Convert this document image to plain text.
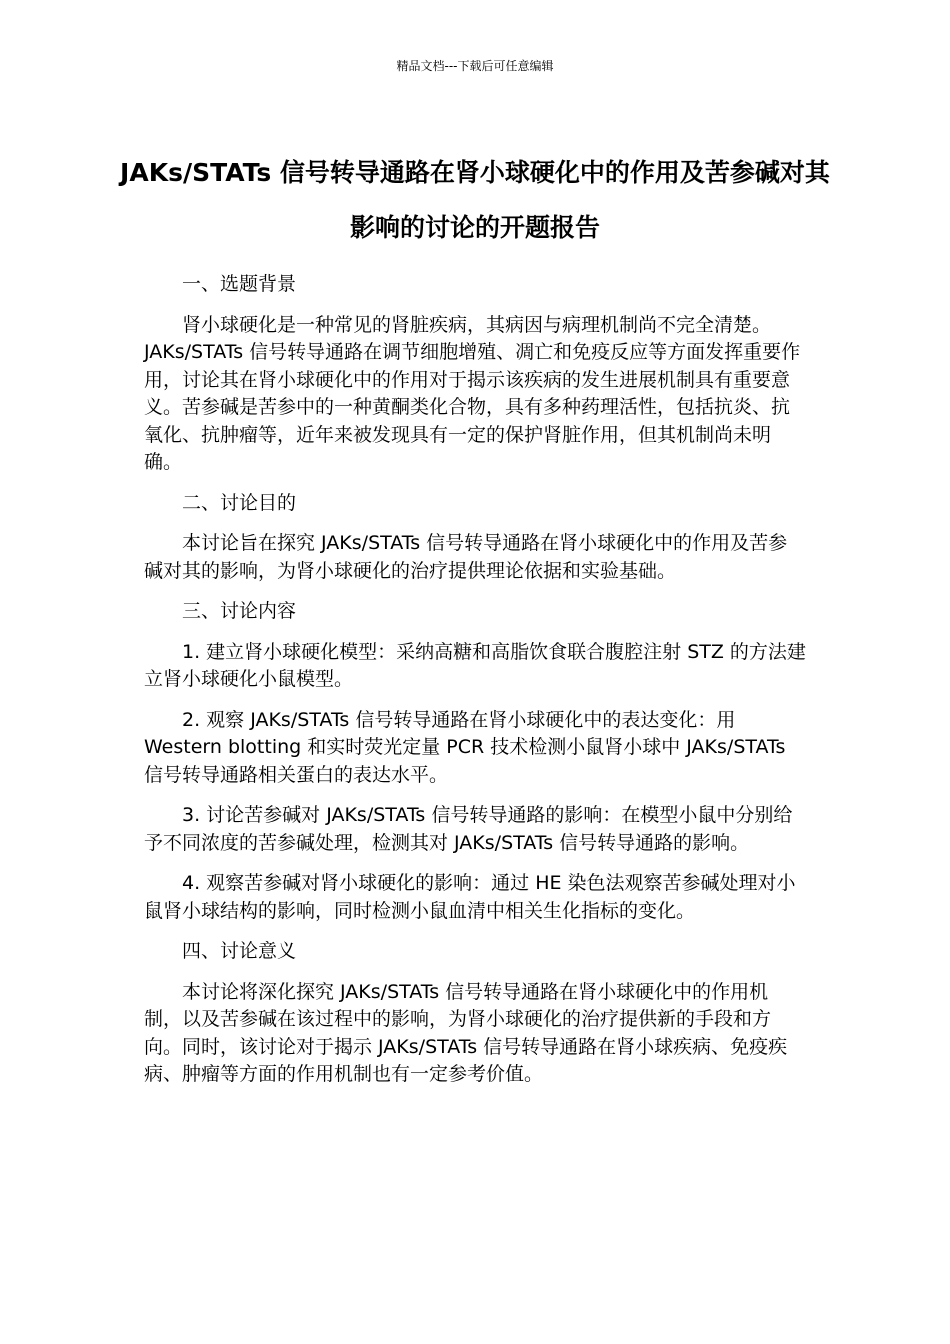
精品文档---下载后可任意编辑
JAKs/STATs 信号转导通路在肾小球硬化中的作用及苦参碱对其影响的讨论的开题报告

一、选题背景

肾小球硬化是一种常见的肾脏疾病，其病因与病理机制尚不完全清楚。JAKs/STATs 信号转导通路在调节细胞增殖、凋亡和免疫反应等方面发挥重要作用，讨论其在肾小球硬化中的作用对于揭示该疾病的发生进展机制具有重要意义。苦参碱是苦参中的一种黄酮类化合物，具有多种药理活性，包括抗炎、抗氧化、抗肿瘤等，近年来被发现具有一定的保护肾脏作用，但其机制尚未明确。

二、讨论目的

本讨论旨在探究 JAKs/STATs 信号转导通路在肾小球硬化中的作用及苦参碱对其的影响，为肾小球硬化的治疗提供理论依据和实验基础。

三、讨论内容

1. 建立肾小球硬化模型：采纳高糖和高脂饮食联合腹腔注射 STZ 的方法建立肾小球硬化小鼠模型。

2. 观察 JAKs/STATs 信号转导通路在肾小球硬化中的表达变化：用 Western blotting 和实时荧光定量 PCR 技术检测小鼠肾小球中 JAKs/STATs 信号转导通路相关蛋白的表达水平。

3. 讨论苦参碱对 JAKs/STATs 信号转导通路的影响：在模型小鼠中分别给予不同浓度的苦参碱处理，检测其对 JAKs/STATs 信号转导通路的影响。

4. 观察苦参碱对肾小球硬化的影响：通过 HE 染色法观察苦参碱处理对小鼠肾小球结构的影响，同时检测小鼠血清中相关生化指标的变化。

四、讨论意义

本讨论将深化探究 JAKs/STATs 信号转导通路在肾小球硬化中的作用机制，以及苦参碱在该过程中的影响，为肾小球硬化的治疗提供新的手段和方向。同时，该讨论对于揭示 JAKs/STATs 信号转导通路在肾小球疾病、免疫疾病、肿瘤等方面的作用机制也有一定参考价值。
